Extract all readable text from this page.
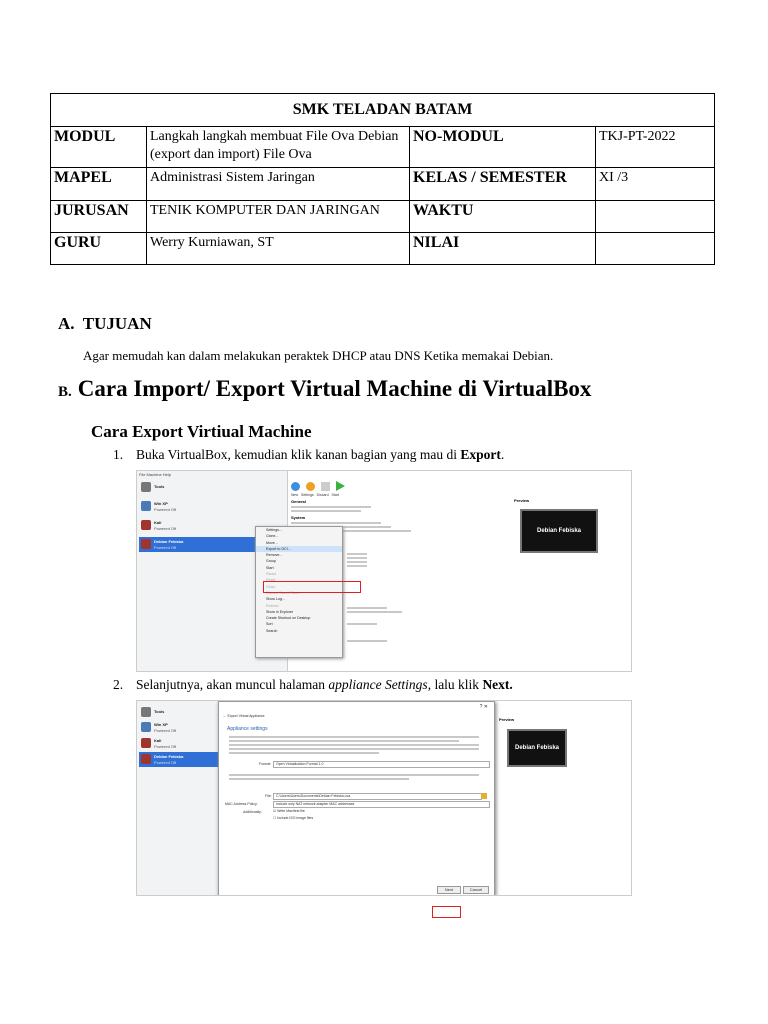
SMK TELADAN BATAM			
MODUL	Langkah langkah membuat File Ova Debian (export dan import) File Ova	NO-MODUL	TKJ-PT-2022
MAPEL	Administrasi Sistem Jaringan	KELAS / SEMESTER	XI /3
JURUSAN	TENIK KOMPUTER DAN JARINGAN	WAKTU	
GURU	Werry Kurniawan, ST	NILAI	
A. TUJUAN
Agar memudah kan dalam melakukan peraktek DHCP atau DNS Ketika memakai Debian.
B. Cara Import/ Export Virtual Machine di VirtualBox
Cara Export Virtiual Machine
1. Buka VirtualBox, kemudian klik kanan bagian yang mau di Export.
File Machine Help
Tools
Win XP
Powered Off
Kali
Powered Off
Debian Febiska
Powered Off
New Settings Discard Start
General
System
Preview
Debian Febiska
Settings...
Clone...
Move...
Export to OCI...
Remove...
Group
Start
Pause
Reset
Close
Discard Saved State...
Show Log...
Refresh
Show in Explorer
Create Shortcut on Desktop
Sort
Search
2. Selanjutnya, akan muncul halaman appliance Settings, lalu klik Next.
Tools
Win XP
Powered Off
Kali
Powered Off
Debian Febiska
Powered Off
Preview
Debian Febiska
? ✕
← Export Virtual Appliance
Appliance settings
Format:	Open Virtualization Format 1.0
File:	C:\Users\Users\Documents\Debian Febiska.ova
MAC Address Policy:	Include only NAT network adapter MAC addresses
Additionally:	☑ Write Manifest file
☐ Include ISO image files
Next	Cancel
